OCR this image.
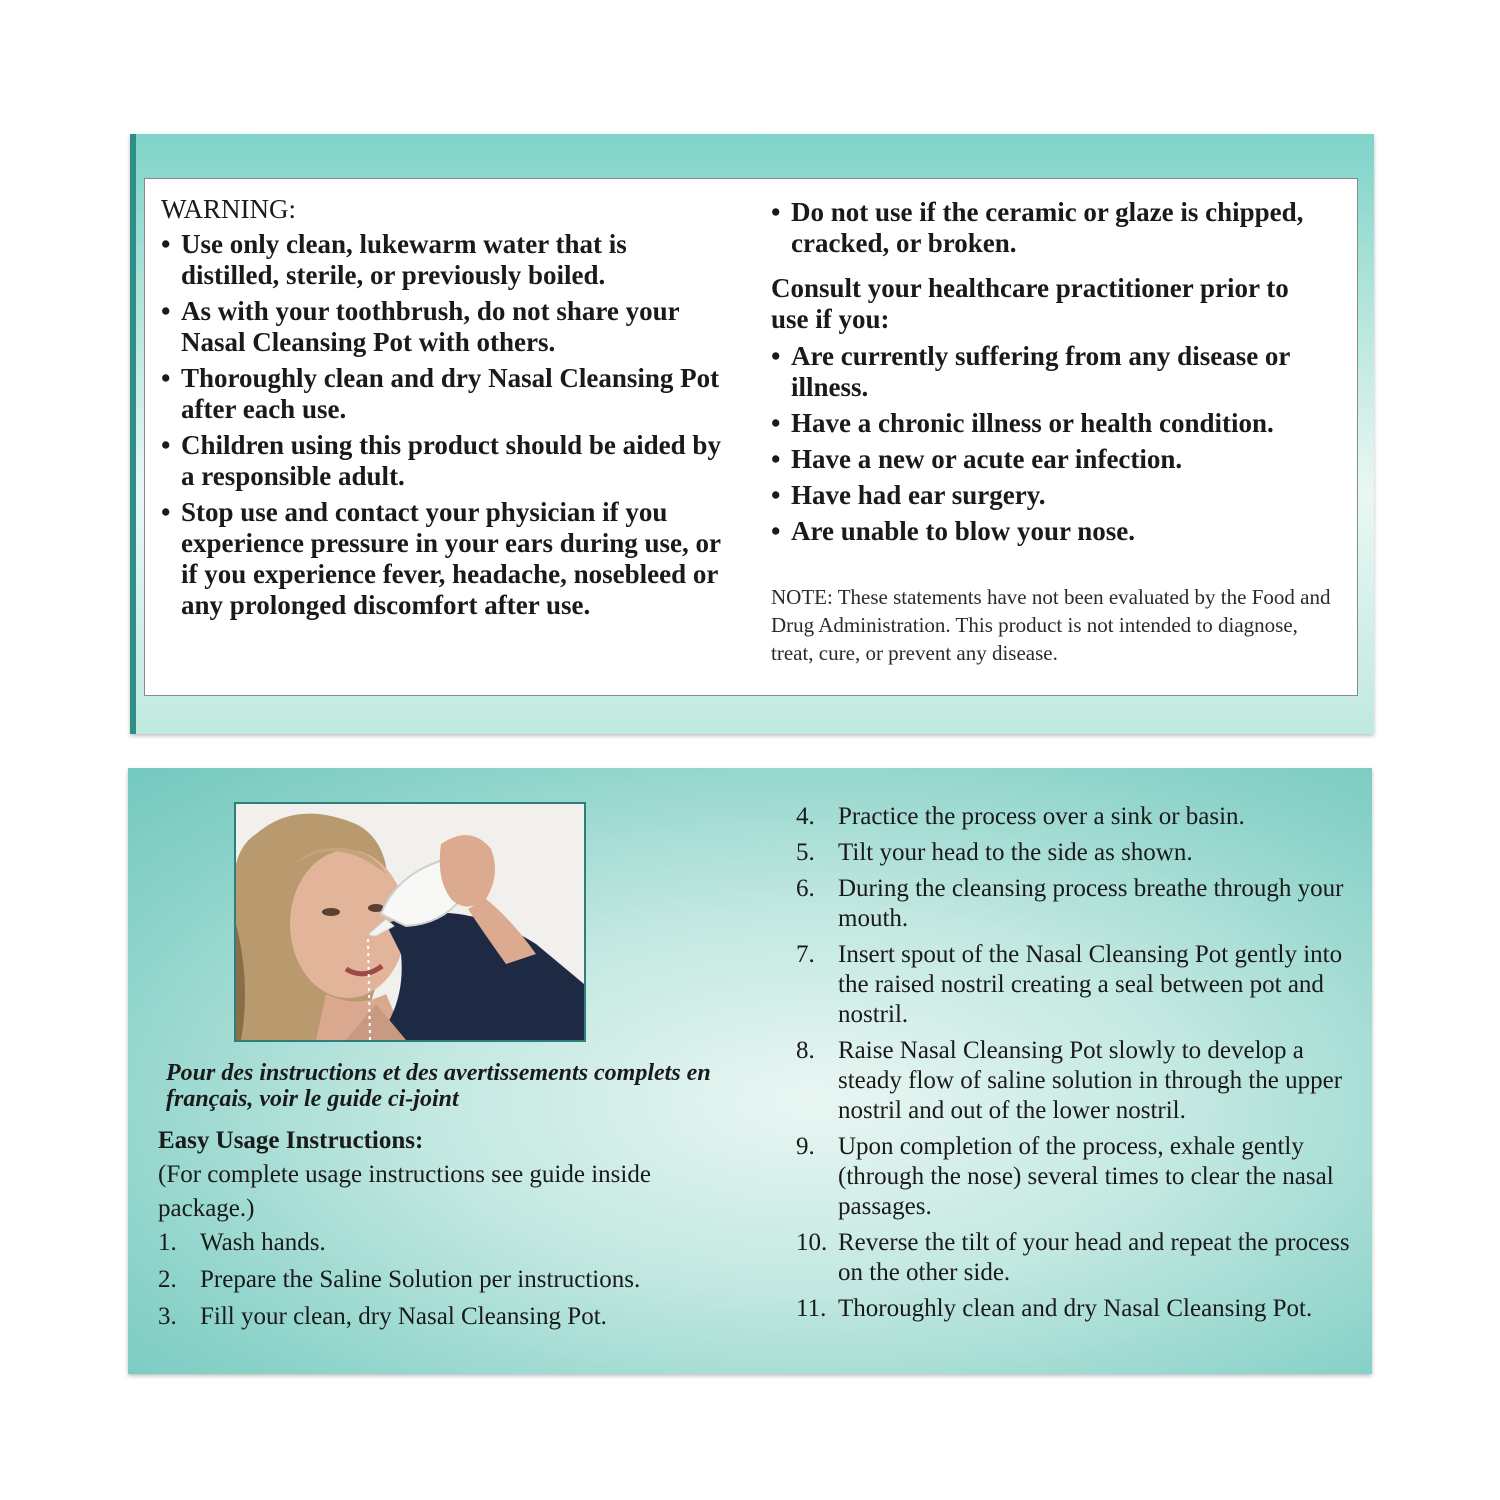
WARNING:
• Use only clean, lukewarm water that is distilled, sterile, or previously boiled.
• As with your toothbrush, do not share your Nasal Cleansing Pot with others.
• Thoroughly clean and dry Nasal Cleansing Pot after each use.
• Children using this product should be aided by a responsible adult.
• Stop use and contact your physician if you experience pressure in your ears during use, or if you experience fever, headache, nosebleed or any prolonged discomfort after use.
• Do not use if the ceramic or glaze is chipped, cracked, or broken.
Consult your healthcare practitioner prior to use if you:
• Are currently suffering from any disease or illness.
• Have a chronic illness or health condition.
• Have a new or acute ear infection.
• Have had ear surgery.
• Are unable to blow your nose.
NOTE: These statements have not been evaluated by the Food and Drug Administration. This product is not intended to diagnose, treat, cure, or prevent any disease.
Pour des instructions et des avertissements complets en français, voir le guide ci-joint
Easy Usage Instructions:
(For complete usage instructions see guide inside package.)
1. Wash hands.
2. Prepare the Saline Solution per instructions.
3. Fill your clean, dry Nasal Cleansing Pot.
4. Practice the process over a sink or basin.
5. Tilt your head to the side as shown.
6. During the cleansing process breathe through your mouth.
7. Insert spout of the Nasal Cleansing Pot gently into the raised nostril creating a seal between pot and nostril.
8. Raise Nasal Cleansing Pot slowly to develop a steady flow of saline solution in through the upper nostril and out of the lower nostril.
9. Upon completion of the process, exhale gently (through the nose) several times to clear the nasal passages.
10. Reverse the tilt of your head and repeat the process on the other side.
11. Thoroughly clean and dry Nasal Cleansing Pot.
